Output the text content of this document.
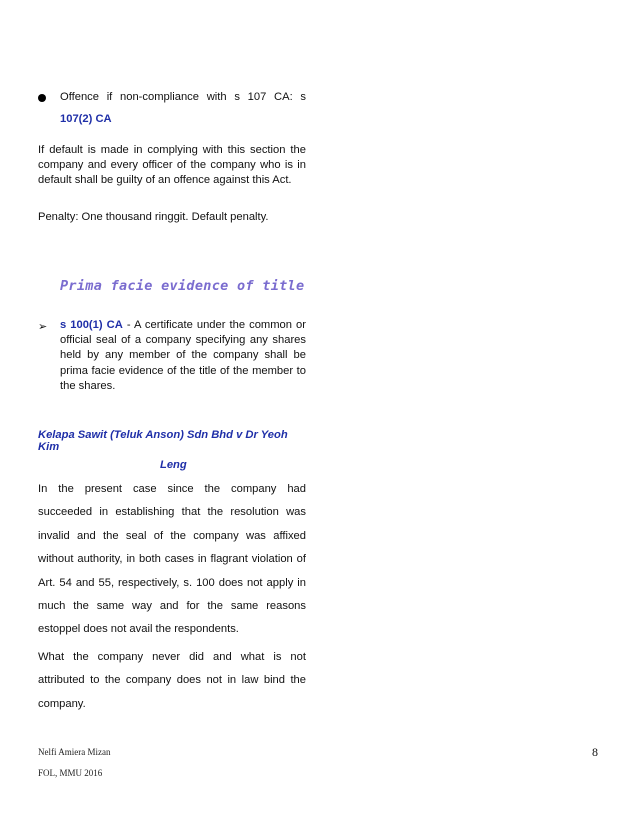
Offence if non-compliance with s 107 CA: s
107(2) CA
If default is made in complying with this section the company and every officer of the company who is in default shall be guilty of an offence against this Act.
Penalty: One thousand ringgit. Default penalty.
Prima facie evidence of title
➢ s 100(1) CA - A certificate under the common or official seal of a company specifying any shares held by any member of the company shall be prima facie evidence of the title of the member to the shares.
Kelapa Sawit (Teluk Anson) Sdn Bhd v Dr Yeoh Kim
Leng
In the present case since the company had succeeded in establishing that the resolution was invalid and the seal of the company was affixed without authority, in both cases in flagrant violation of Art. 54 and 55, respectively, s. 100 does not apply in much the same way and for the same reasons estoppel does not avail the respondents.
What the company never did and what is not attributed to the company does not in law bind the company.
Nelfi Amiera Mizan
FOL, MMU 2016
8
